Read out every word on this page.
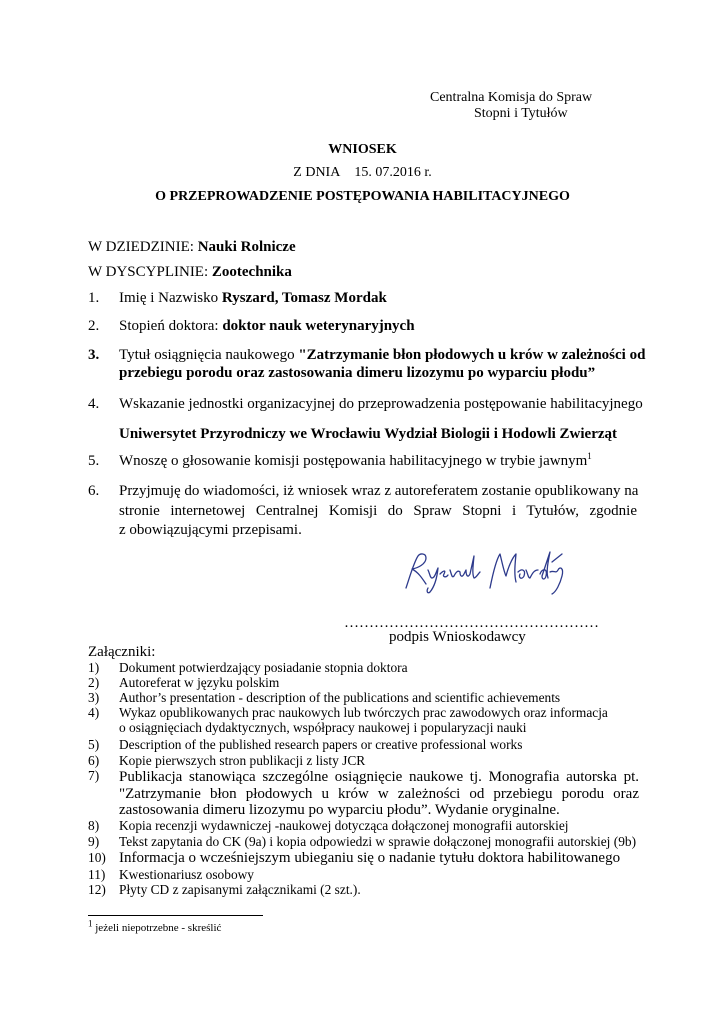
Centralna Komisja do Spraw
Stopni i Tytułów
WNIOSEK
Z DNIA 15. 07.2016 r.
O PRZEPROWADZENIE POSTĘPOWANIA HABILITACYJNEGO
W DZIEDZINIE: Nauki Rolnicze
W DYSCYPLINIE: Zootechnika
1. Imię i Nazwisko Ryszard, Tomasz Mordak
2. Stopień doktora: doktor nauk weterynaryjnych
3. Tytuł osiągnięcia naukowego "Zatrzymanie błon płodowych u krów w zależności od
przebiegu porodu oraz zastosowania dimeru lizozymu po wyparciu płodu”
4. Wskazanie jednostki organizacyjnej do przeprowadzenia postępowanie habilitacyjnego
Uniwersytet Przyrodniczy we Wrocławiu Wydział Biologii i Hodowli Zwierząt
5. Wnoszę o głosowanie komisji postępowania habilitacyjnego w trybie jawnym$^1$
6. Przyjmuję do wiadomości, iż wniosek wraz z autoreferatem zostanie opublikowany na
stronie internetowej Centralnej Komisji do Spraw Stopni i Tytułów, zgodnie
z obowiązującymi przepisami.
……………………………………………
podpis Wnioskodawcy
Załączniki:
1) Dokument potwierdzający posiadanie stopnia doktora
2) Autoreferat w języku polskim
3) Author’s presentation - description of the publications and scientific achievements
4) Wykaz opublikowanych prac naukowych lub twórczych prac zawodowych oraz informacja
o osiągnięciach dydaktycznych, współpracy naukowej i popularyzacji nauki
5) Description of the published research papers or creative professional works
6) Kopie pierwszych stron publikacji z listy JCR
7) Publikacja stanowiąca szczególne osiągnięcie naukowe tj. Monografia autorska pt.
"Zatrzymanie błon płodowych u krów w zależności od przebiegu porodu oraz
zastosowania dimeru lizozymu po wyparciu płodu”. Wydanie oryginalne.
8) Kopia recenzji wydawniczej -naukowej dotycząca dołączonej monografii autorskiej
9) Tekst zapytania do CK (9a) i kopia odpowiedzi w sprawie dołączonej monografii autorskiej (9b)
10) Informacja o wcześniejszym ubieganiu się o nadanie tytułu doktora habilitowanego
11) Kwestionariusz osobowy
12) Płyty CD z zapisanymi załącznikami (2 szt.).
$^1$ jeżeli niepotrzebne - skreślić
